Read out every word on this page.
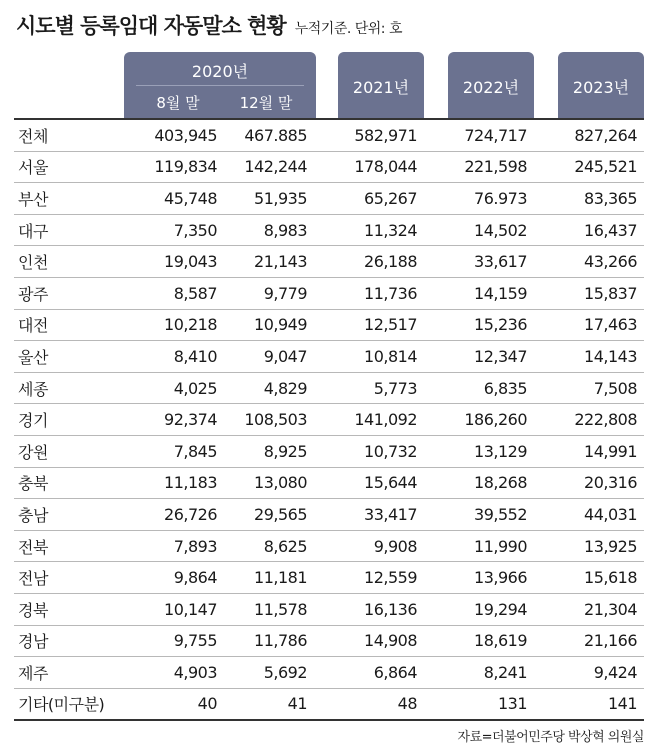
시도별 등록임대 자동말소 현황 누적기준. 단위: 호
2020년
8월 말	12월 말
2021년	2022년	2023년
전체	403,945	467.885	582,971	724,717	827,264
서울	119,834	142,244	178,044	221,598	245,521
부산	45,748	51,935	65,267	76.973	83,365
대구	7,350	8,983	11,324	14,502	16,437
인천	19,043	21,143	26,188	33,617	43,266
광주	8,587	9,779	11,736	14,159	15,837
대전	10,218	10,949	12,517	15,236	17,463
울산	8,410	9,047	10,814	12,347	14,143
세종	4,025	4,829	5,773	6,835	7,508
경기	92,374	108,503	141,092	186,260	222,808
강원	7,845	8,925	10,732	13,129	14,991
충북	11,183	13,080	15,644	18,268	20,316
충남	26,726	29,565	33,417	39,552	44,031
전북	7,893	8,625	9,908	11,990	13,925
전남	9,864	11,181	12,559	13,966	15,618
경북	10,147	11,578	16,136	19,294	21,304
경남	9,755	11,786	14,908	18,619	21,166
제주	4,903	5,692	6,864	8,241	9,424
기타(미구분)	40	41	48	131	141
자료=더불어민주당 박상혁 의원실
